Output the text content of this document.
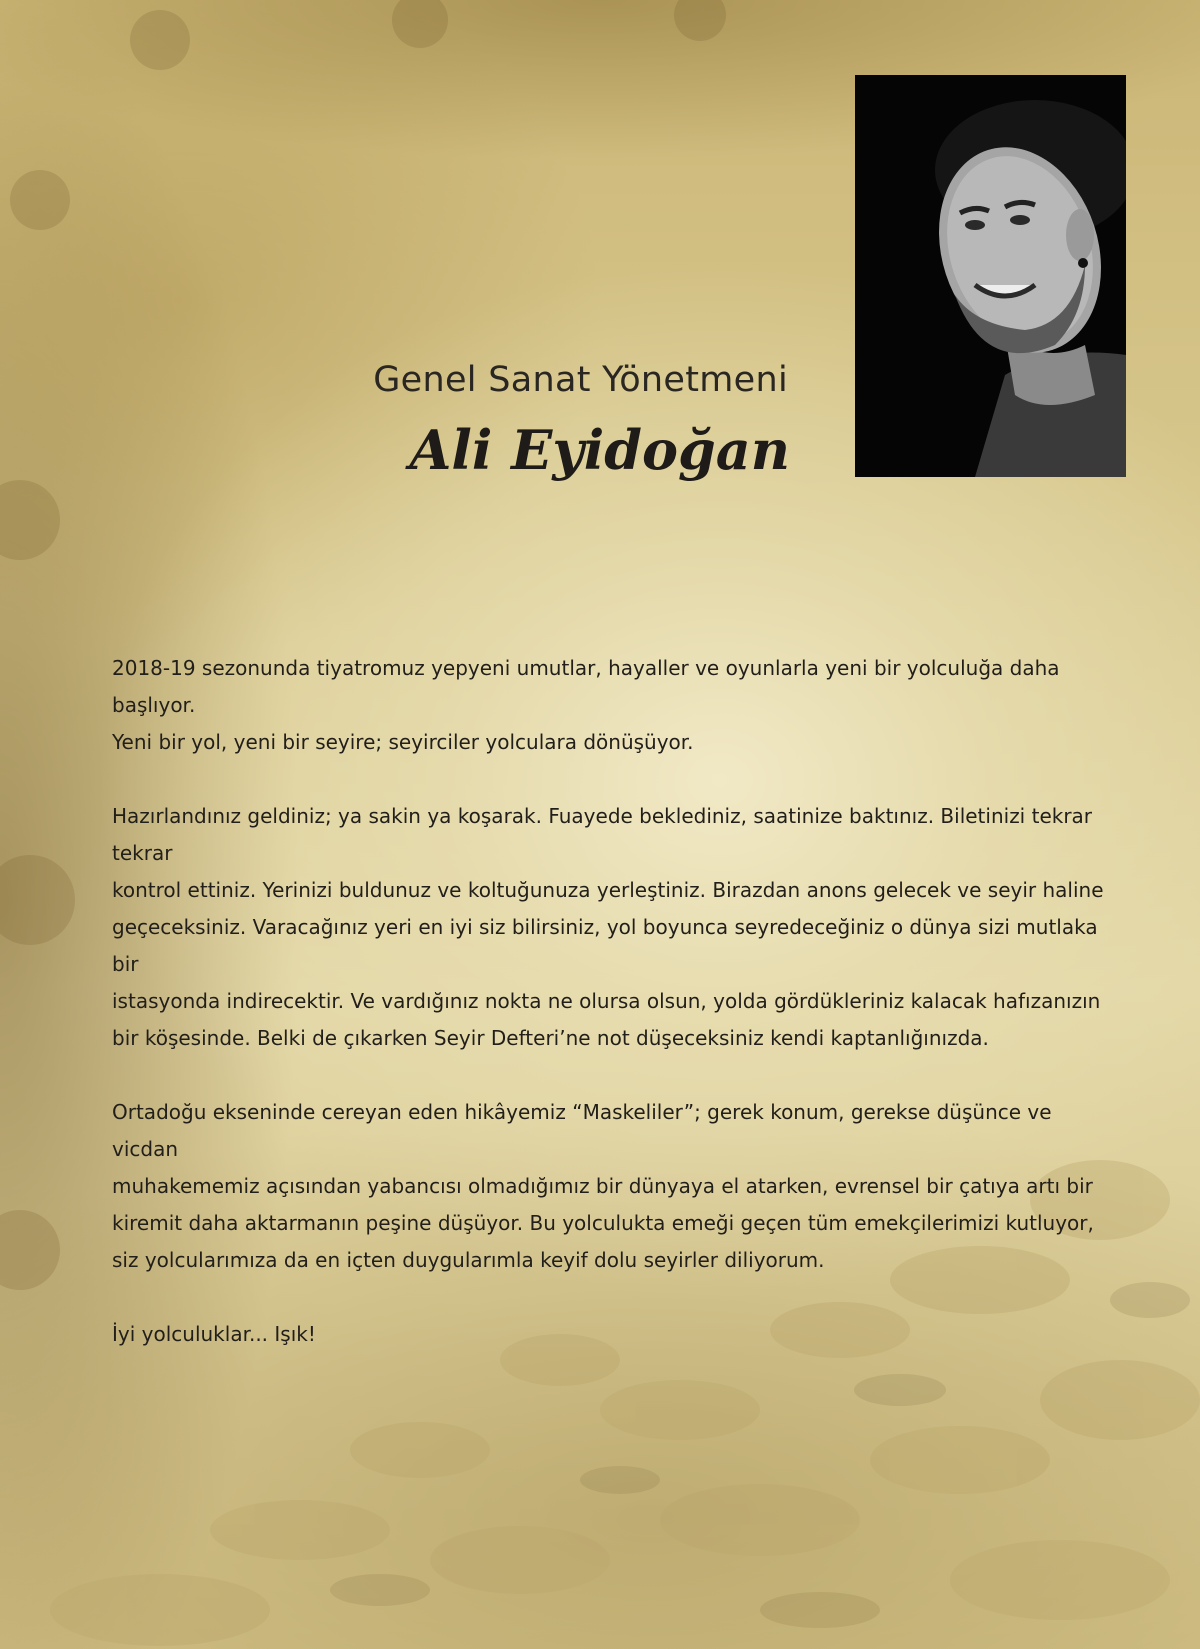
Genel Sanat Yönetmeni
Ali Eyidoğan

2018-19 sezonunda tiyatromuz yepyeni umutlar, hayaller ve oyunlarla yeni bir yolculuğa daha başlıyor.
Yeni bir yol, yeni bir seyire; seyirciler yolculara dönüşüyor.

Hazırlandınız geldiniz; ya sakin ya koşarak. Fuayede beklediniz, saatinize baktınız. Biletinizi tekrar tekrar
kontrol ettiniz. Yerinizi buldunuz ve koltuğunuza yerleştiniz. Birazdan anons gelecek ve seyir haline
geçeceksiniz. Varacağınız yeri en iyi siz bilirsiniz, yol boyunca seyredeceğiniz o dünya sizi mutlaka bir
istasyonda indirecektir. Ve vardığınız nokta ne olursa olsun, yolda gördükleriniz kalacak hafızanızın
bir köşesinde. Belki de çıkarken Seyir Defteri’ne not düşeceksiniz kendi kaptanlığınızda.

Ortadoğu ekseninde cereyan eden hikâyemiz “Maskeliler”; gerek konum, gerekse düşünce ve vicdan
muhakememiz açısından yabancısı olmadığımız bir dünyaya el atarken, evrensel bir çatıya artı bir
kiremit daha aktarmanın peşine düşüyor. Bu yolculukta emeği geçen tüm emekçilerimizi kutluyor,
siz yolcularımıza da en içten duygularımla keyif dolu seyirler diliyorum.

İyi yolculuklar... Işık!
